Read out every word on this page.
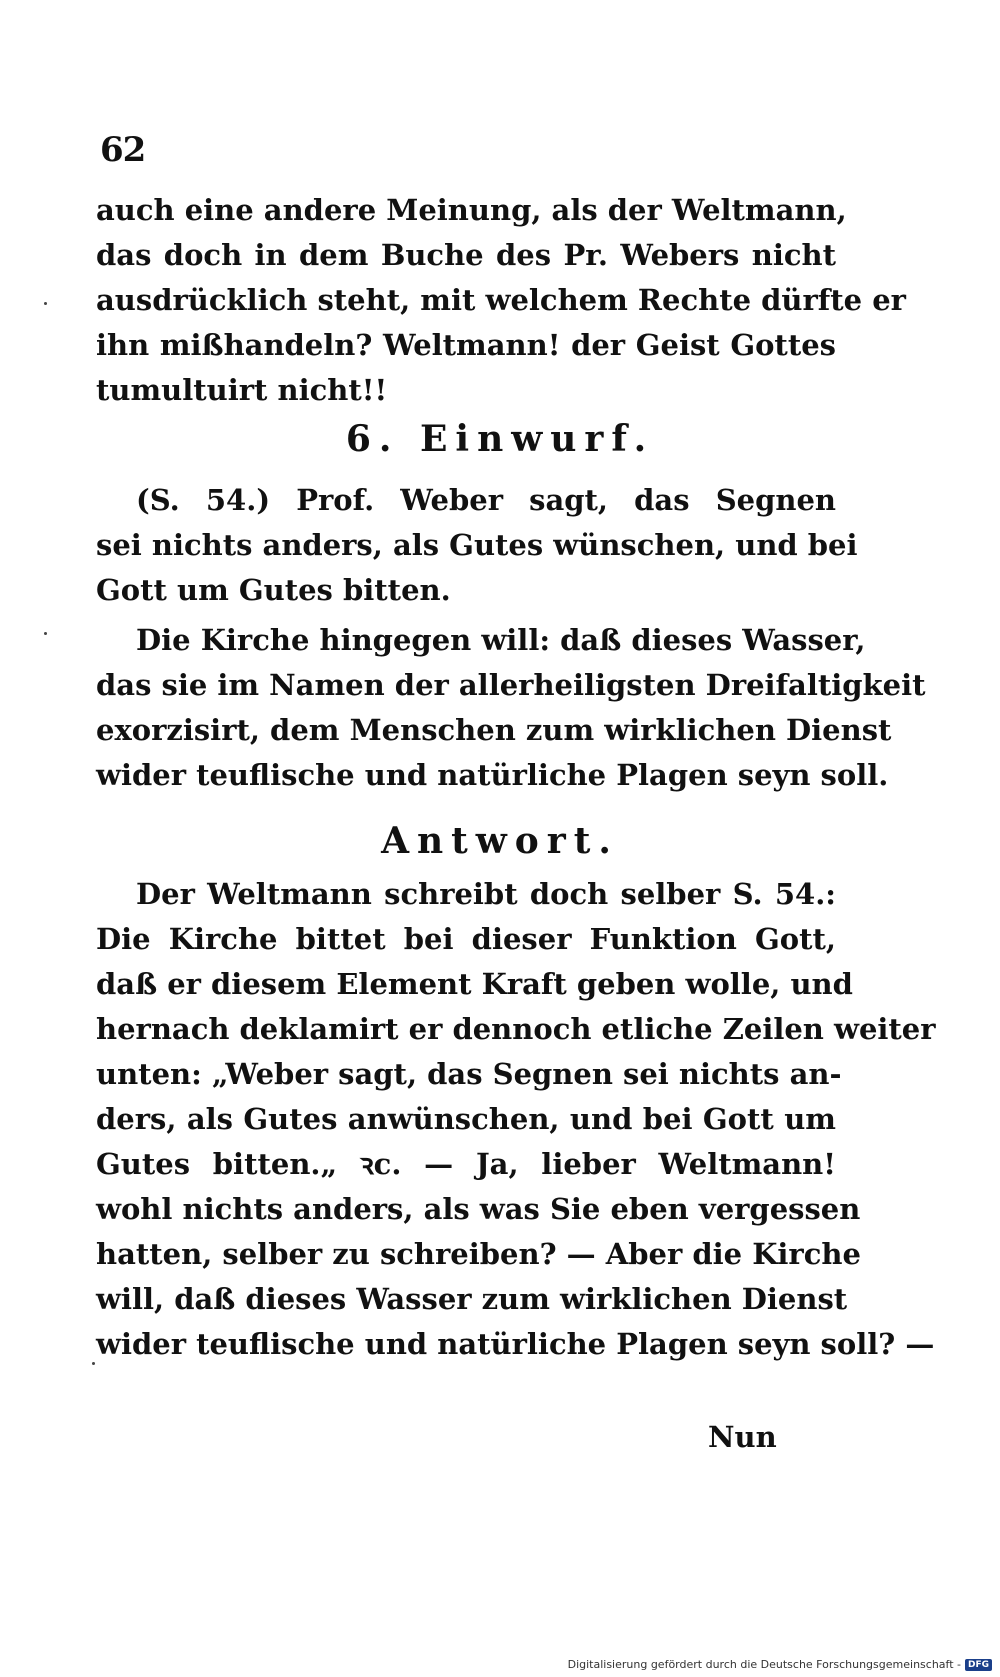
62
auch eine andere Meinung, als der Weltmann,
das doch in dem Buche des Pr. Webers nicht
ausdrücklich steht, mit welchem Rechte dürfte er
ihn mißhandeln? Weltmann! der Geist Gottes
tumultuirt nicht!!
6. Einwurf.
(S. 54.) Prof. Weber sagt, das Segnen
sei nichts anders, als Gutes wünschen, und bei
Gott um Gutes bitten.
Die Kirche hingegen will: daß dieses Wasser,
das sie im Namen der allerheiligsten Dreifaltigkeit
exorzisirt, dem Menschen zum wirklichen Dienst
wider teuflische und natürliche Plagen seyn soll.
Antwort.
Der Weltmann schreibt doch selber S. 54.:
Die Kirche bittet bei dieser Funktion Gott,
daß er diesem Element Kraft geben wolle, und
hernach deklamirt er dennoch etliche Zeilen weiter
unten: „Weber sagt, das Segnen sei nichts an-
ders, als Gutes anwünschen, und bei Gott um
Gutes bitten.„ ꝛc. — Ja, lieber Weltmann!
wohl nichts anders, als was Sie eben vergessen
hatten, selber zu schreiben? — Aber die Kirche
will, daß dieses Wasser zum wirklichen Dienst
wider teuflische und natürliche Plagen seyn soll? —
Nun
Digitalisierung gefördert durch die Deutsche Forschungsgemeinschaft - DFG
